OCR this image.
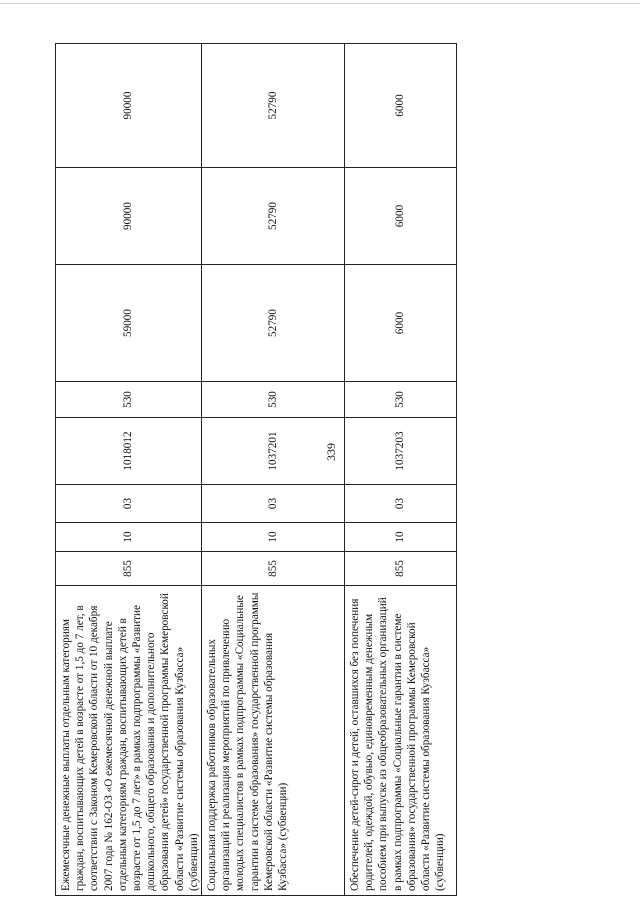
339
Ежемесячные денежные выплаты отдельным категориям граждан, воспитывающих детей в возрасте от 1,5 до 7 лет, в соответствии с Законом Кемеровской области от 10 декабря 2007 года № 162-ОЗ «О ежемесячной денежной выплате отдельным категориям граждан, воспитывающих детей в возрасте от 1,5 до 7 лет» в рамках подпрограммы «Развитие дошкольного, общего образования и дополнительного образования детей» государственной программы Кемеровской области «Развитие системы образования Кузбасса» (субвенции)	855	10	03	1018012	530	59000	90000	90000
Социальная поддержка работников образовательных организаций и реализация мероприятий по привлечению молодых специалистов в рамках подпрограммы «Социальные гарантии в системе образования» государственной программы Кемеровской области «Развитие системы образования Кузбасса» (субвенции)	855	10	03	1037201	530	52790	52790	52790
Обеспечение детей-сирот и детей, оставшихся без попечения родителей, одеждой, обувью, единовременным денежным пособием при выпуске из общеобразовательных организаций в рамках подпрограммы «Социальные гарантии в системе образования» государственной программы Кемеровской области «Развитие системы образования Кузбасса» (субвенции)	855	10	03	1037203	530	6000	6000	6000
